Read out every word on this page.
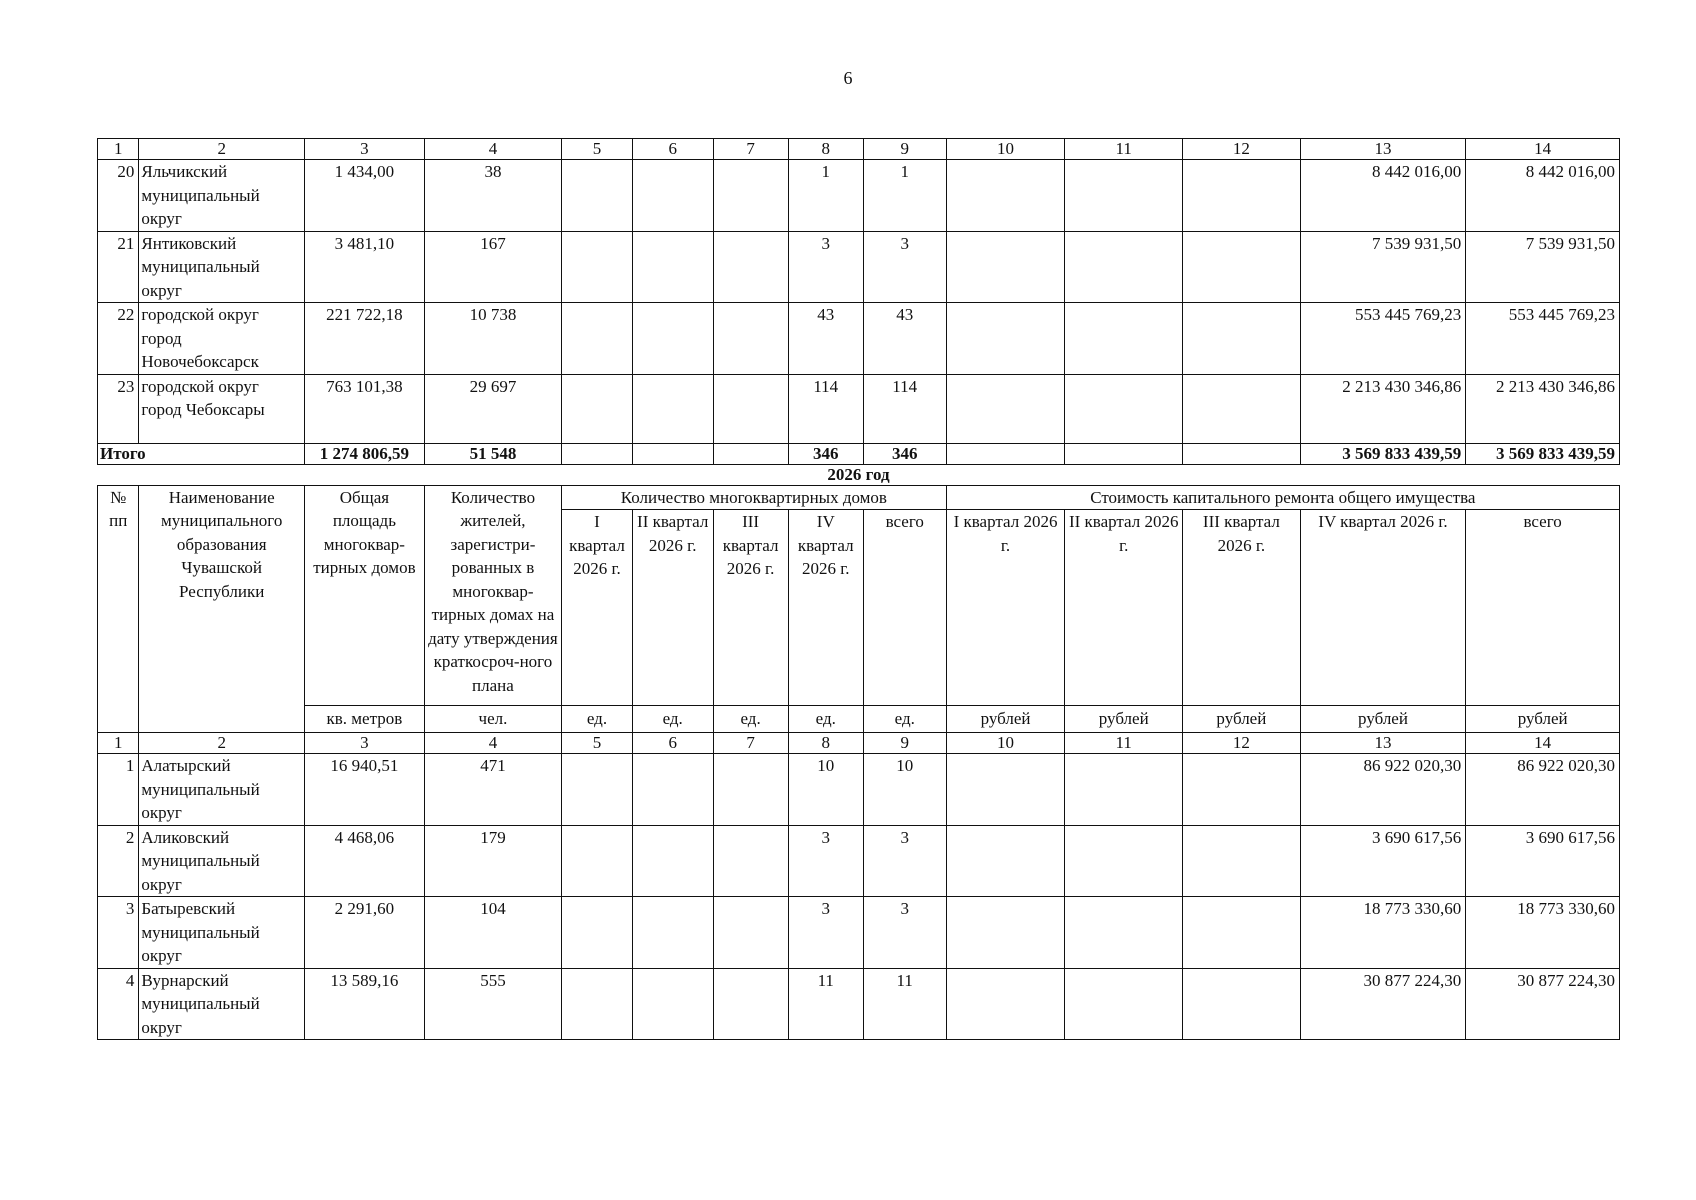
6
1	2	3	4	5	6	7	8	9	10	11	12	13	14
20	Яльчикский муниципальный округ	1 434,00	38				1	1				8 442 016,00	8 442 016,00
21	Янтиковский муниципальный округ	3 481,10	167				3	3				7 539 931,50	7 539 931,50
22	городской округ город Новочебоксарск	221 722,18	10 738				43	43				553 445 769,23	553 445 769,23
23	городской округ город Чебоксары	763 101,38	29 697				114	114				2 213 430 346,86	2 213 430 346,86
Итого		1 274 806,59	51 548				346	346				3 569 833 439,59	3 569 833 439,59
2026 год													
№ пп	Наименование муниципального образования Чувашской Республики	Общая площадь многоквар-тирных домов	Количество жителей, зарегистри-рованных в многоквар-тирных домах на дату утверждения краткосроч-ного плана	Количество многоквартирных домов					Стоимость капитального ремонта общего имущества				
				I квартал 2026 г.	II квартал 2026 г.	III квартал 2026 г.	IV квартал 2026 г.	всего	I квартал 2026 г.	II квартал 2026 г.	III квартал 2026 г.	IV квартал 2026 г.	всего
		кв. метров	чел.	ед.	ед.	ед.	ед.	ед.	рублей	рублей	рублей	рублей	рублей
1	2	3	4	5	6	7	8	9	10	11	12	13	14
1	Алатырский муниципальный округ	16 940,51	471				10	10				86 922 020,30	86 922 020,30
2	Аликовский муниципальный округ	4 468,06	179				3	3				3 690 617,56	3 690 617,56
3	Батыревский муниципальный округ	2 291,60	104				3	3				18 773 330,60	18 773 330,60
4	Вурнарский муниципальный округ	13 589,16	555				11	11				30 877 224,30	30 877 224,30
